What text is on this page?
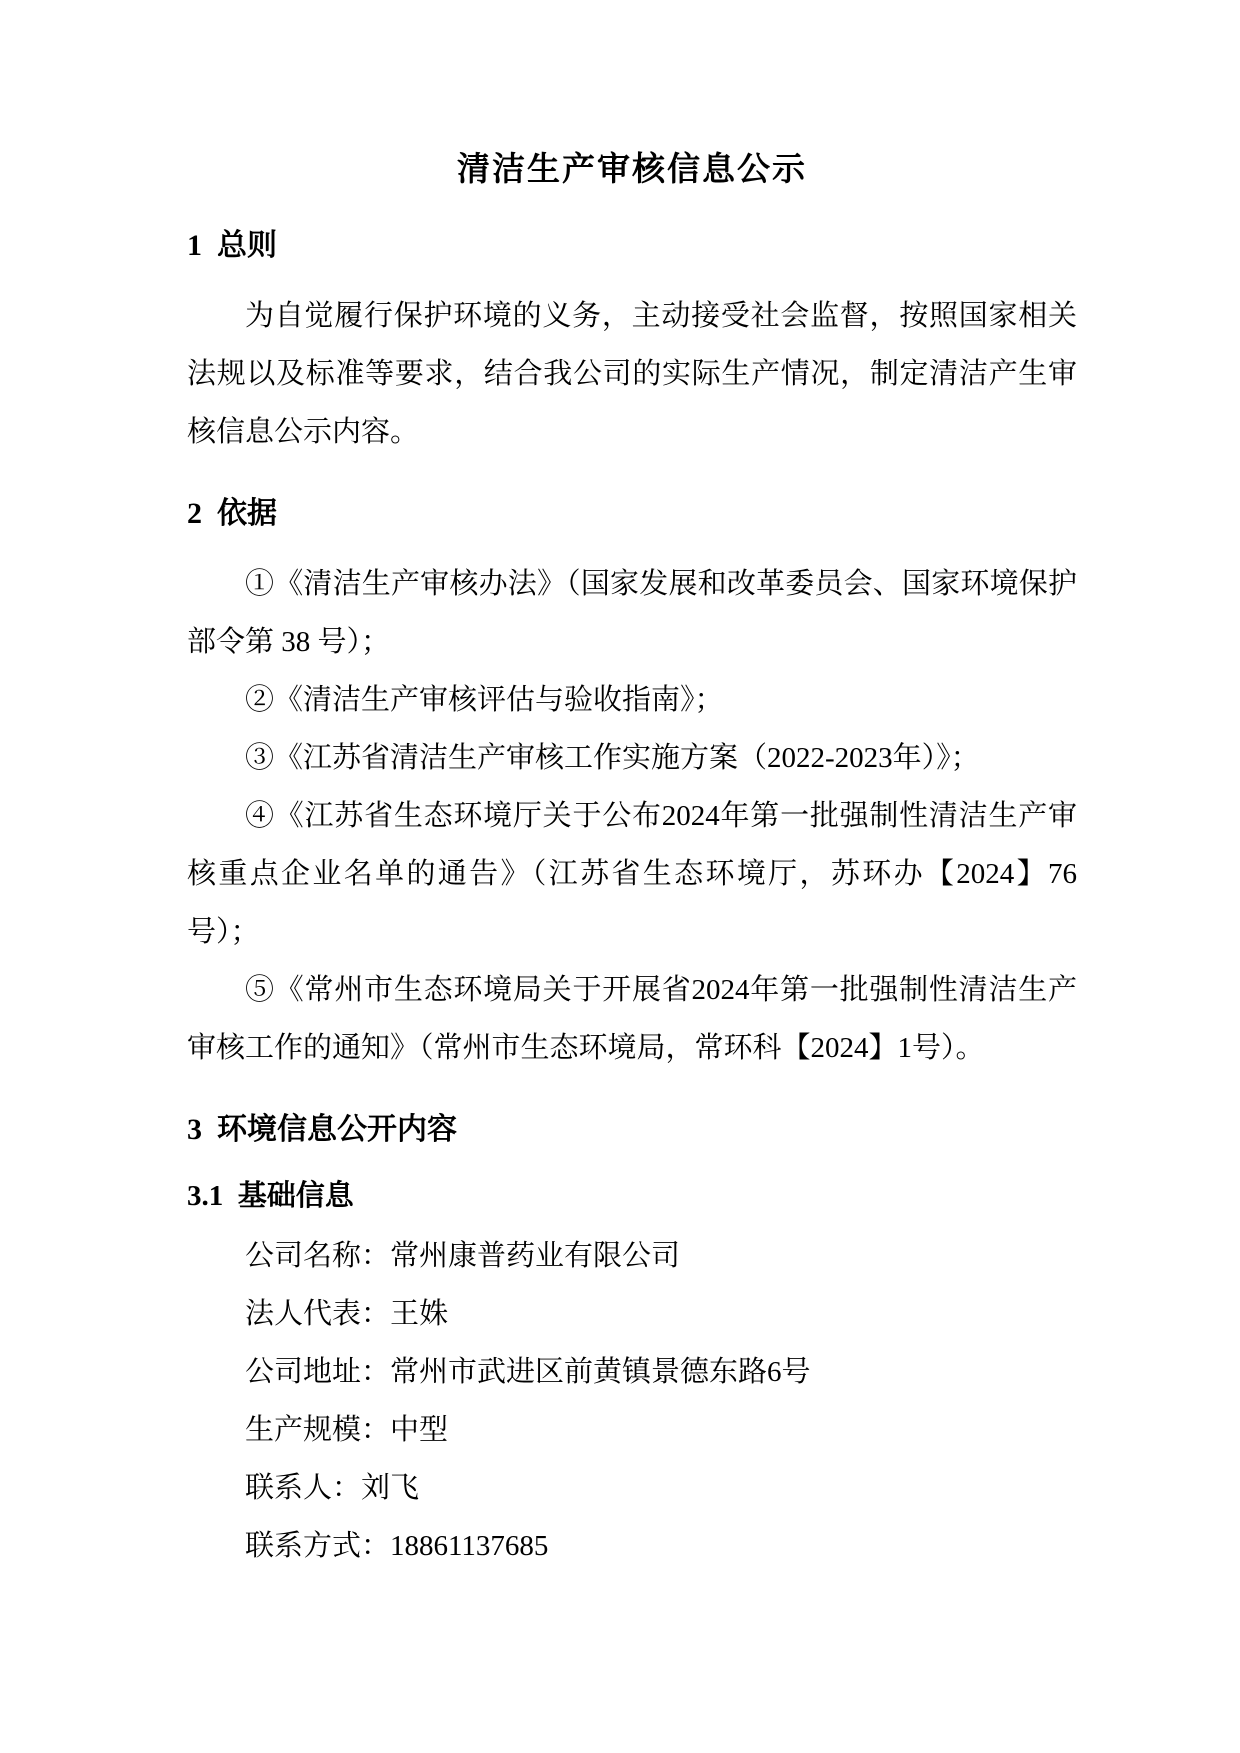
清洁生产审核信息公示
1 总则

为自觉履行保护环境的义务，主动接受社会监督，按照国家相关法规以及标准等要求，结合我公司的实际生产情况，制定清洁产生审核信息公示内容。

2 依据

①《清洁生产审核办法》（国家发展和改革委员会、国家环境保护部令第 38 号）；

②《清洁生产审核评估与验收指南》；

③《江苏省清洁生产审核工作实施方案（2022-2023年）》；

④《江苏省生态环境厅关于公布2024年第一批强制性清洁生产审核重点企业名单的通告》（江苏省生态环境厅，苏环办【2024】76号）；

⑤《常州市生态环境局关于开展省2024年第一批强制性清洁生产审核工作的通知》（常州市生态环境局，常环科【2024】1号）。

3 环境信息公开内容
3.1 基础信息

公司名称：常州康普药业有限公司

法人代表：王姝

公司地址：常州市武进区前黄镇景德东路6号

生产规模：中型

联系人：刘飞

联系方式：18861137685
